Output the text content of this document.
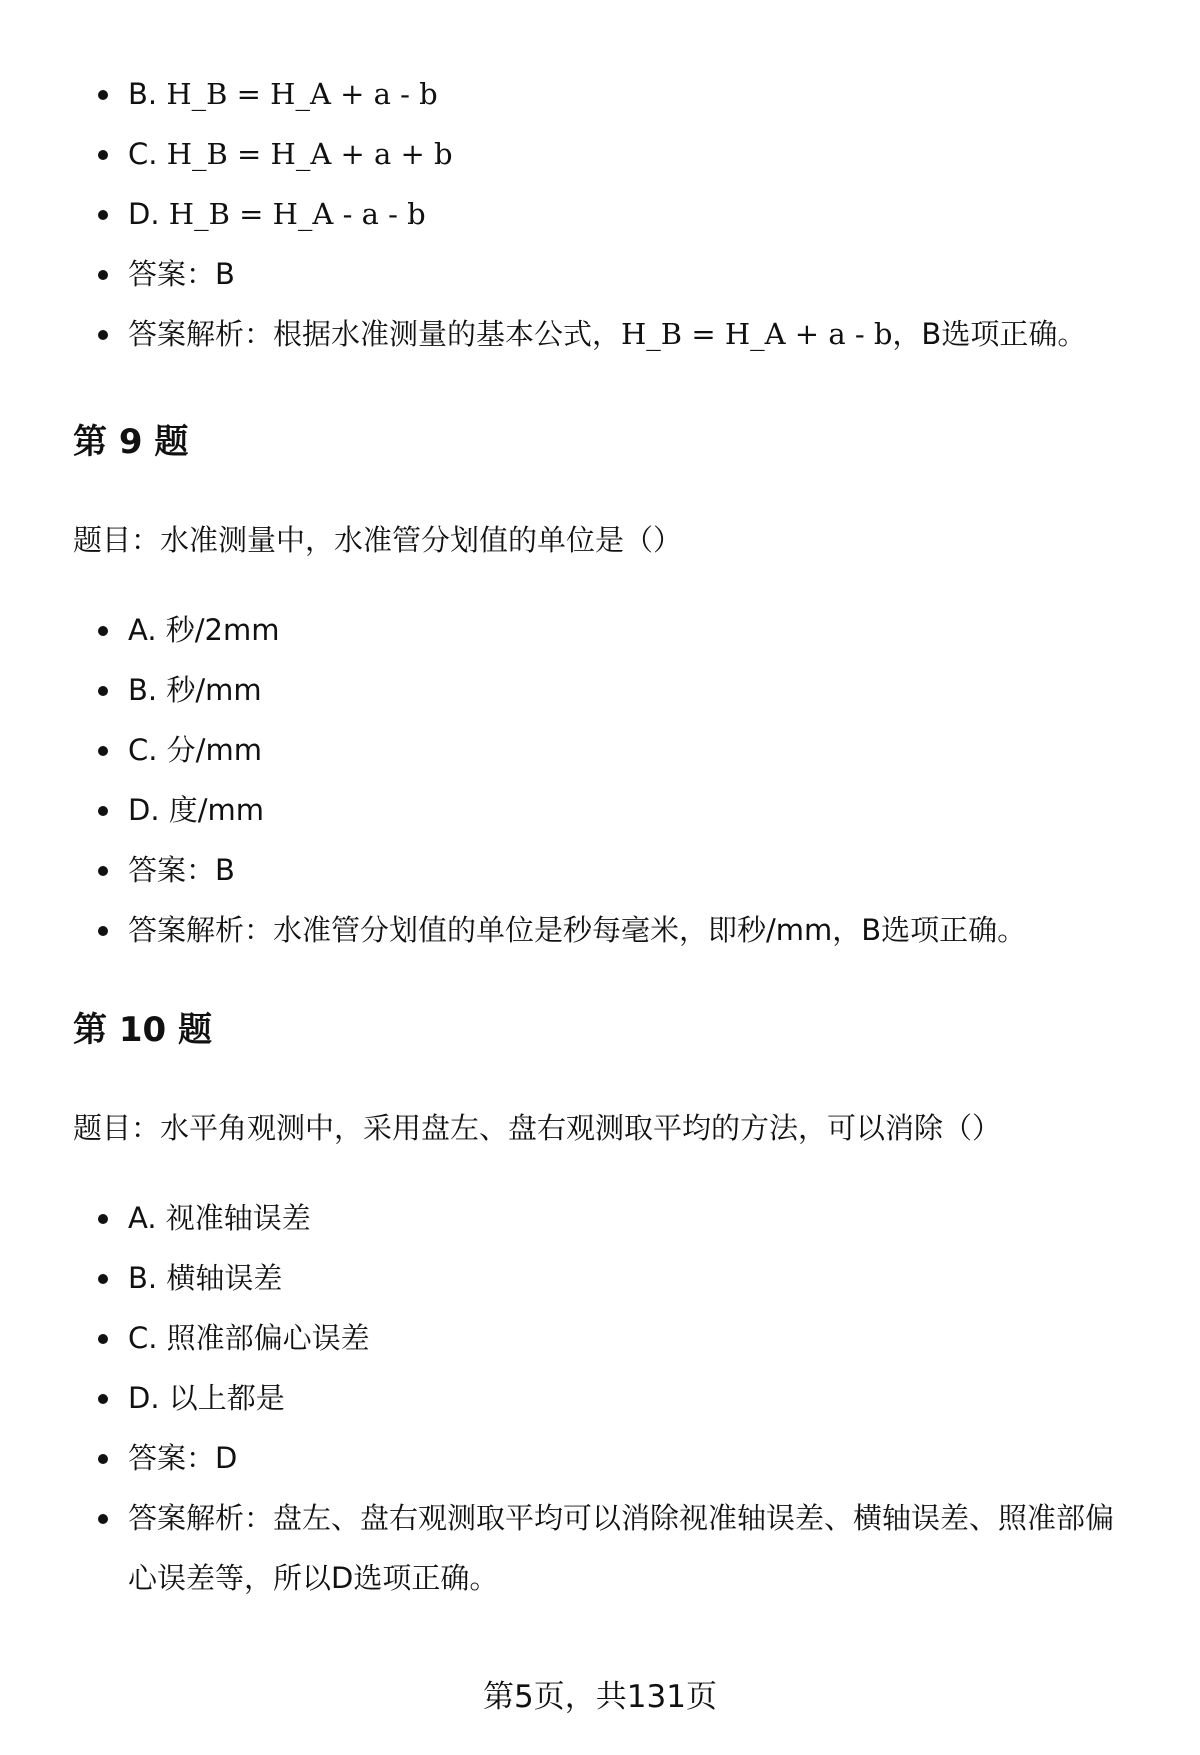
B. H_B = H_A + a - b
C. H_B = H_A + a + b
D. H_B = H_A - a - b
答案：B
答案解析：根据水准测量的基本公式，H_B = H_A + a - b，B选项正确。
第 9 题

题目：水准测量中，水准管分划值的单位是（）

A. 秒/2mm
B. 秒/mm
C. 分/mm
D. 度/mm
答案：B
答案解析：水准管分划值的单位是秒每毫米，即秒/mm，B选项正确。
第 10 题

题目：水平角观测中，采用盘左、盘右观测取平均的方法，可以消除（）

A. 视准轴误差
B. 横轴误差
C. 照准部偏心误差
D. 以上都是
答案：D
答案解析：盘左、盘右观测取平均可以消除视准轴误差、横轴误差、照准部偏心误差等，所以D选项正确。
第5页，共131页
